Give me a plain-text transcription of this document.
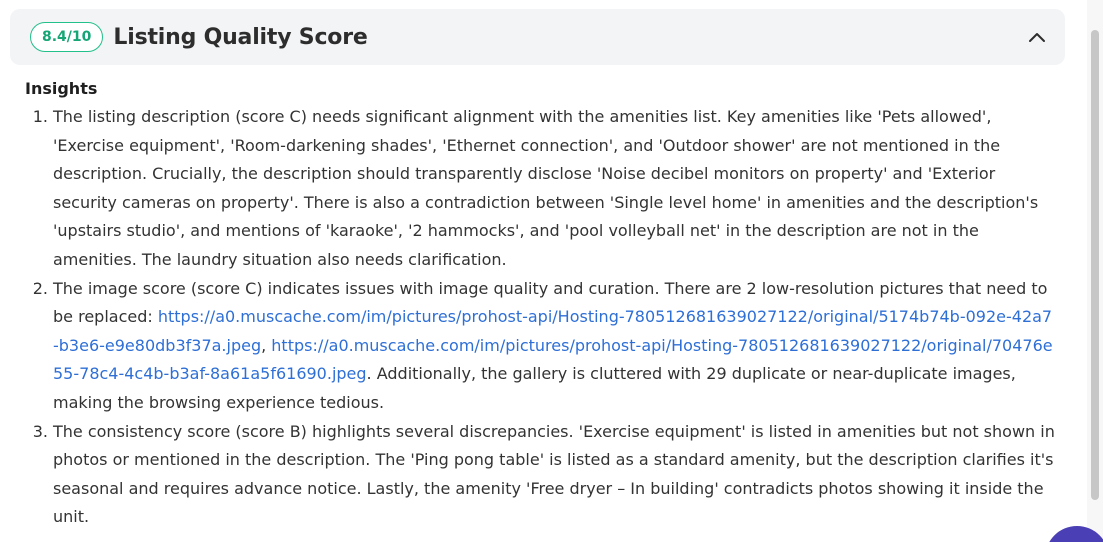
8.4/10	Listing Quality Score
Insights
1. The listing description (score C) needs significant alignment with the amenities list. Key amenities like 'Pets allowed', 'Exercise equipment', 'Room-darkening shades', 'Ethernet connection', and 'Outdoor shower' are not mentioned in the description. Crucially, the description should transparently disclose 'Noise decibel monitors on property' and 'Exterior security cameras on property'. There is also a contradiction between 'Single level home' in amenities and the description's 'upstairs studio', and mentions of 'karaoke', '2 hammocks', and 'pool volleyball net' in the description are not in the amenities. The laundry situation also needs clarification.
2. The image score (score C) indicates issues with image quality and curation. There are 2 low-resolution pictures that need to be replaced: https://a0.muscache.com/im/pictures/prohost-api/Hosting-780512681639027122/original/5174b74b-092e-42a7-b3e6-e9e80db3f37a.jpeg, https://a0.muscache.com/im/pictures/prohost-api/Hosting-780512681639027122/original/70476e55-78c4-4c4b-b3af-8a61a5f61690.jpeg. Additionally, the gallery is cluttered with 29 duplicate or near-duplicate images, making the browsing experience tedious.
3. The consistency score (score B) highlights several discrepancies. 'Exercise equipment' is listed in amenities but not shown in photos or mentioned in the description. The 'Ping pong table' is listed as a standard amenity, but the description clarifies it's seasonal and requires advance notice. Lastly, the amenity 'Free dryer – In building' contradicts photos showing it inside the unit.
